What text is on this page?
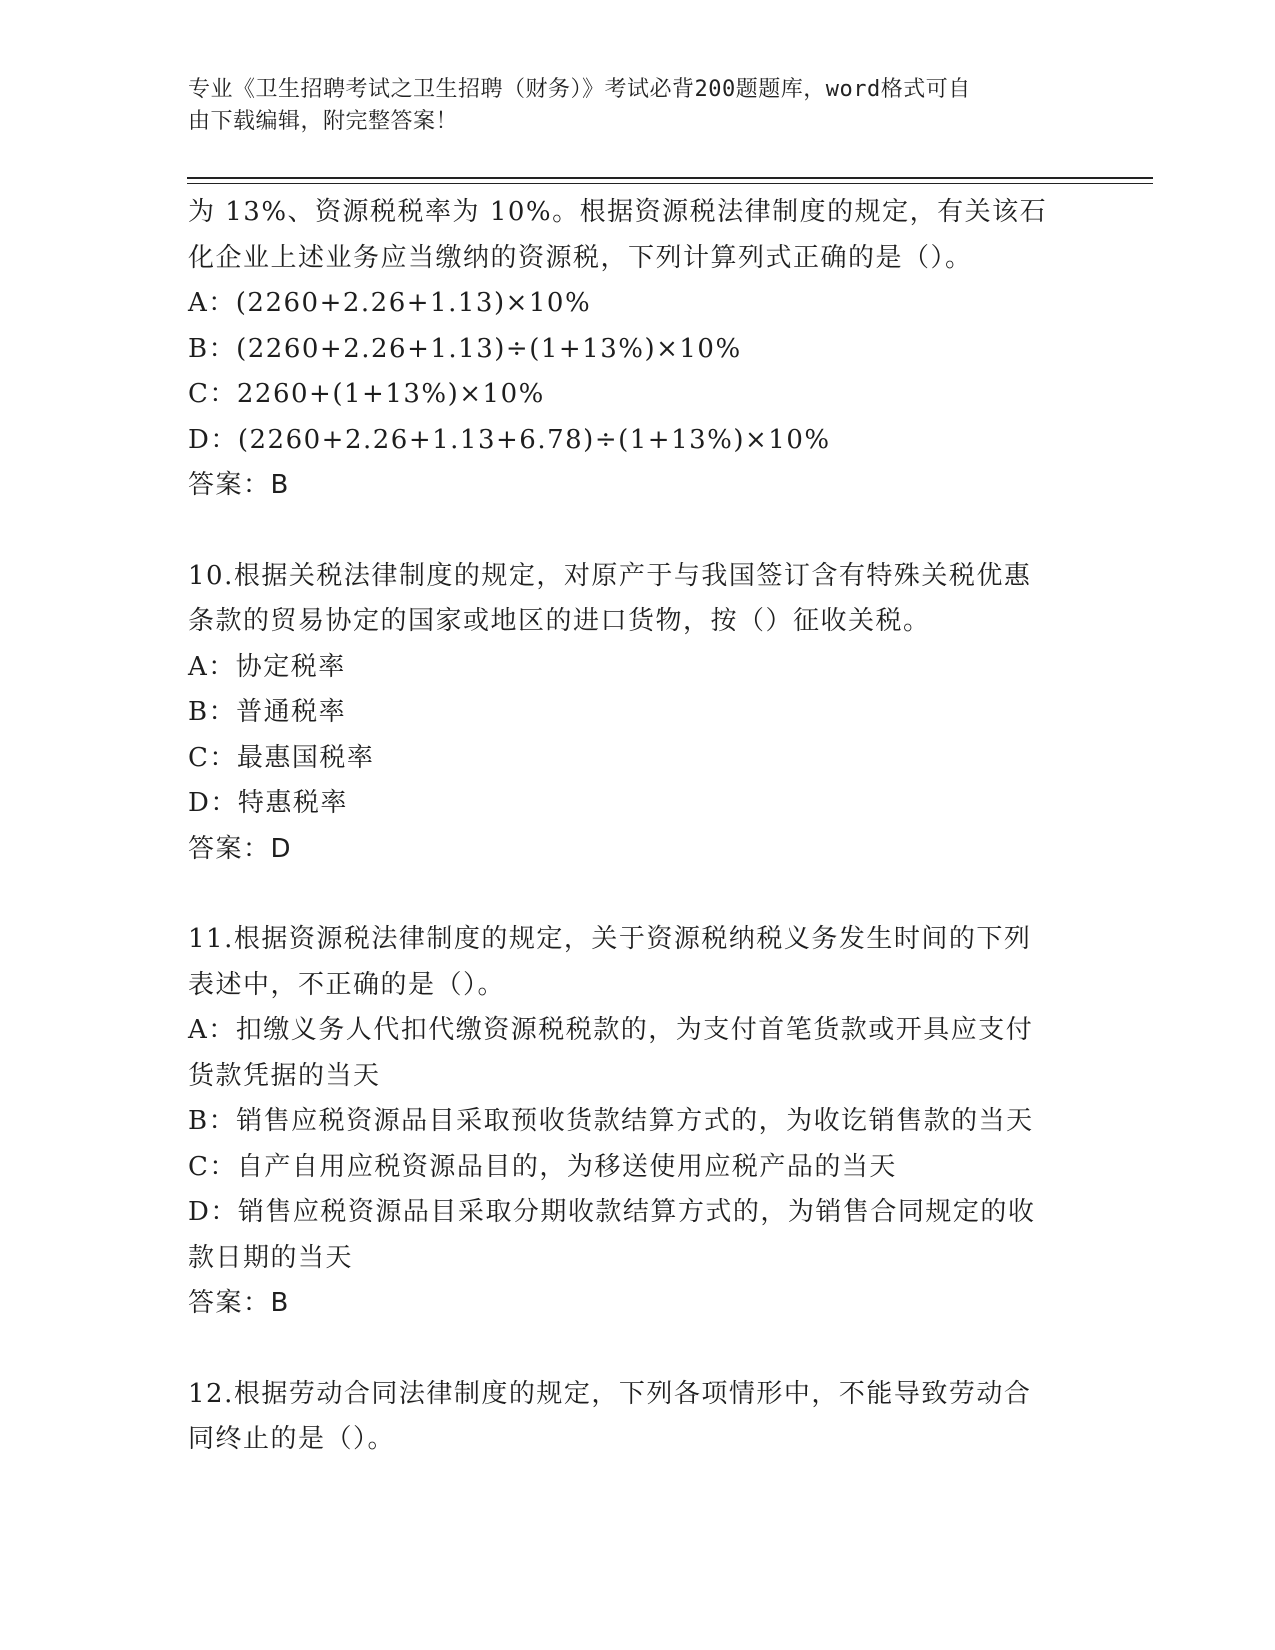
专业《卫生招聘考试之卫生招聘（财务）》考试必背200题题库，word格式可自
由下载编辑，附完整答案！

为 13%、资源税税率为 10%。根据资源税法律制度的规定，有关该石

化企业上述业务应当缴纳的资源税，下列计算列式正确的是（）。

A：(2260+2.26+1.13)×10%

B：(2260+2.26+1.13)÷(1+13%)×10%

C：2260+(1+13%)×10%

D：(2260+2.26+1.13+6.78)÷(1+13%)×10%

答案：B

10.根据关税法律制度的规定，对原产于与我国签订含有特殊关税优惠

条款的贸易协定的国家或地区的进口货物，按（）征收关税。

A：协定税率

B：普通税率

C：最惠国税率

D：特惠税率

答案：D

11.根据资源税法律制度的规定，关于资源税纳税义务发生时间的下列

表述中，不正确的是（）。

A：扣缴义务人代扣代缴资源税税款的，为支付首笔货款或开具应支付

货款凭据的当天

B：销售应税资源品目采取预收货款结算方式的，为收讫销售款的当天

C：自产自用应税资源品目的，为移送使用应税产品的当天

D：销售应税资源品目采取分期收款结算方式的，为销售合同规定的收

款日期的当天

答案：B

12.根据劳动合同法律制度的规定，下列各项情形中，不能导致劳动合

同终止的是（）。
